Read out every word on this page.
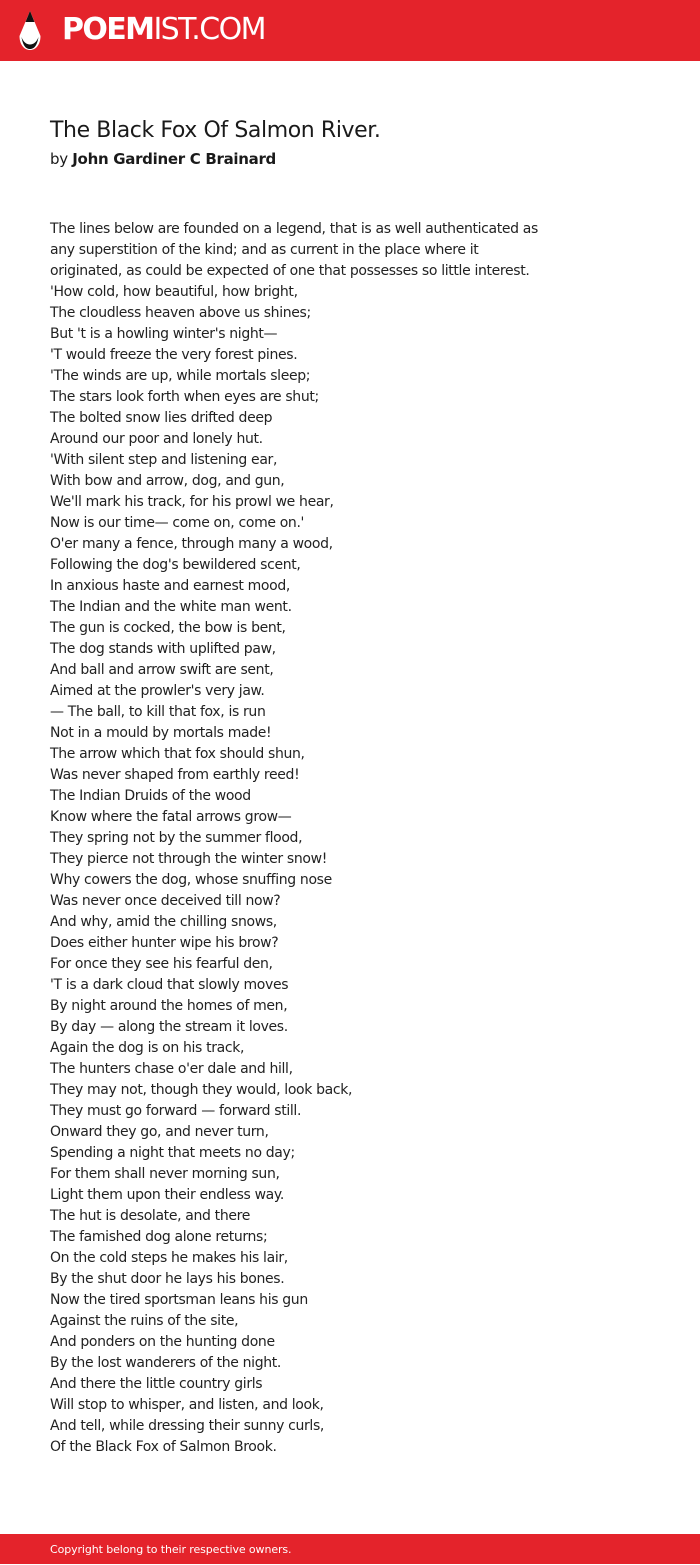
POEMIST.COM
The Black Fox Of Salmon River.
by John Gardiner C Brainard
The lines below are founded on a legend, that is as well authenticated as
any superstition of the kind; and as current in the place where it
originated, as could be expected of one that possesses so little interest.
'How cold, how beautiful, how bright,
The cloudless heaven above us shines;
But 't is a howling winter's night—
'T would freeze the very forest pines.
'The winds are up, while mortals sleep;
The stars look forth when eyes are shut;
The bolted snow lies drifted deep
Around our poor and lonely hut.
'With silent step and listening ear,
With bow and arrow, dog, and gun,
We'll mark his track, for his prowl we hear,
Now is our time— come on, come on.'
O'er many a fence, through many a wood,
Following the dog's bewildered scent,
In anxious haste and earnest mood,
The Indian and the white man went.
The gun is cocked, the bow is bent,
The dog stands with uplifted paw,
And ball and arrow swift are sent,
Aimed at the prowler's very jaw.
— The ball, to kill that fox, is run
Not in a mould by mortals made!
The arrow which that fox should shun,
Was never shaped from earthly reed!
The Indian Druids of the wood
Know where the fatal arrows grow—
They spring not by the summer flood,
They pierce not through the winter snow!
Why cowers the dog, whose snuffing nose
Was never once deceived till now?
And why, amid the chilling snows,
Does either hunter wipe his brow?
For once they see his fearful den,
'T is a dark cloud that slowly moves
By night around the homes of men,
By day — along the stream it loves.
Again the dog is on his track,
The hunters chase o'er dale and hill,
They may not, though they would, look back,
They must go forward — forward still.
Onward they go, and never turn,
Spending a night that meets no day;
For them shall never morning sun,
Light them upon their endless way.
The hut is desolate, and there
The famished dog alone returns;
On the cold steps he makes his lair,
By the shut door he lays his bones.
Now the tired sportsman leans his gun
Against the ruins of the site,
And ponders on the hunting done
By the lost wanderers of the night.
And there the little country girls
Will stop to whisper, and listen, and look,
And tell, while dressing their sunny curls,
Of the Black Fox of Salmon Brook.
Copyright belong to their respective owners.
